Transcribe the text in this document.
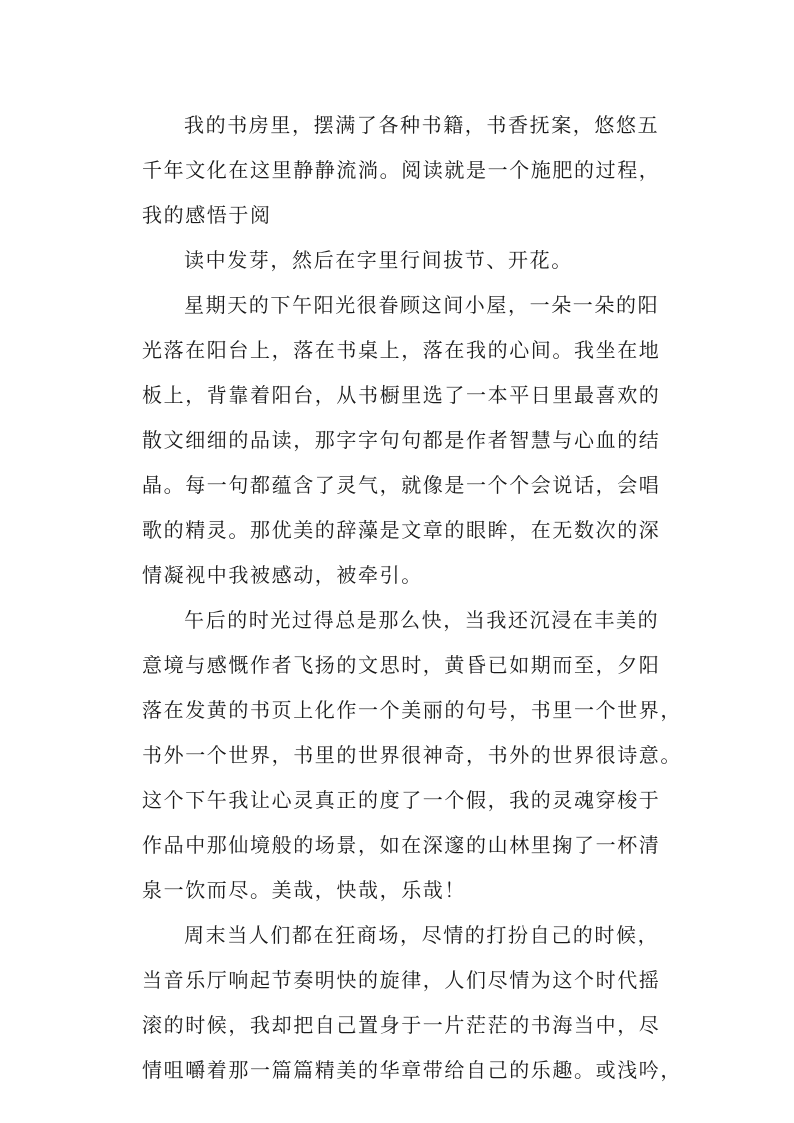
我的书房里，摆满了各种书籍，书香抚案，悠悠五
千年文化在这里静静流淌。阅读就是一个施肥的过程，
我的感悟于阅
读中发芽，然后在字里行间拔节、开花。
星期天的下午阳光很眷顾这间小屋，一朵一朵的阳
光落在阳台上，落在书桌上，落在我的心间。我坐在地
板上，背靠着阳台，从书橱里选了一本平日里最喜欢的
散文细细的品读，那字字句句都是作者智慧与心血的结
晶。每一句都蕴含了灵气，就像是一个个会说话，会唱
歌的精灵。那优美的辞藻是文章的眼眸，在无数次的深
情凝视中我被感动，被牵引。
午后的时光过得总是那么快，当我还沉浸在丰美的
意境与感慨作者飞扬的文思时，黄昏已如期而至，夕阳
落在发黄的书页上化作一个美丽的句号，书里一个世界，
书外一个世界，书里的世界很神奇，书外的世界很诗意。
这个下午我让心灵真正的度了一个假，我的灵魂穿梭于
作品中那仙境般的场景，如在深邃的山林里掬了一杯清
泉一饮而尽。美哉，快哉，乐哉！
周末当人们都在狂商场，尽情的打扮自己的时候，
当音乐厅响起节奏明快的旋律，人们尽情为这个时代摇
滚的时候，我却把自己置身于一片茫茫的书海当中，尽
情咀嚼着那一篇篇精美的华章带给自己的乐趣。或浅吟，
